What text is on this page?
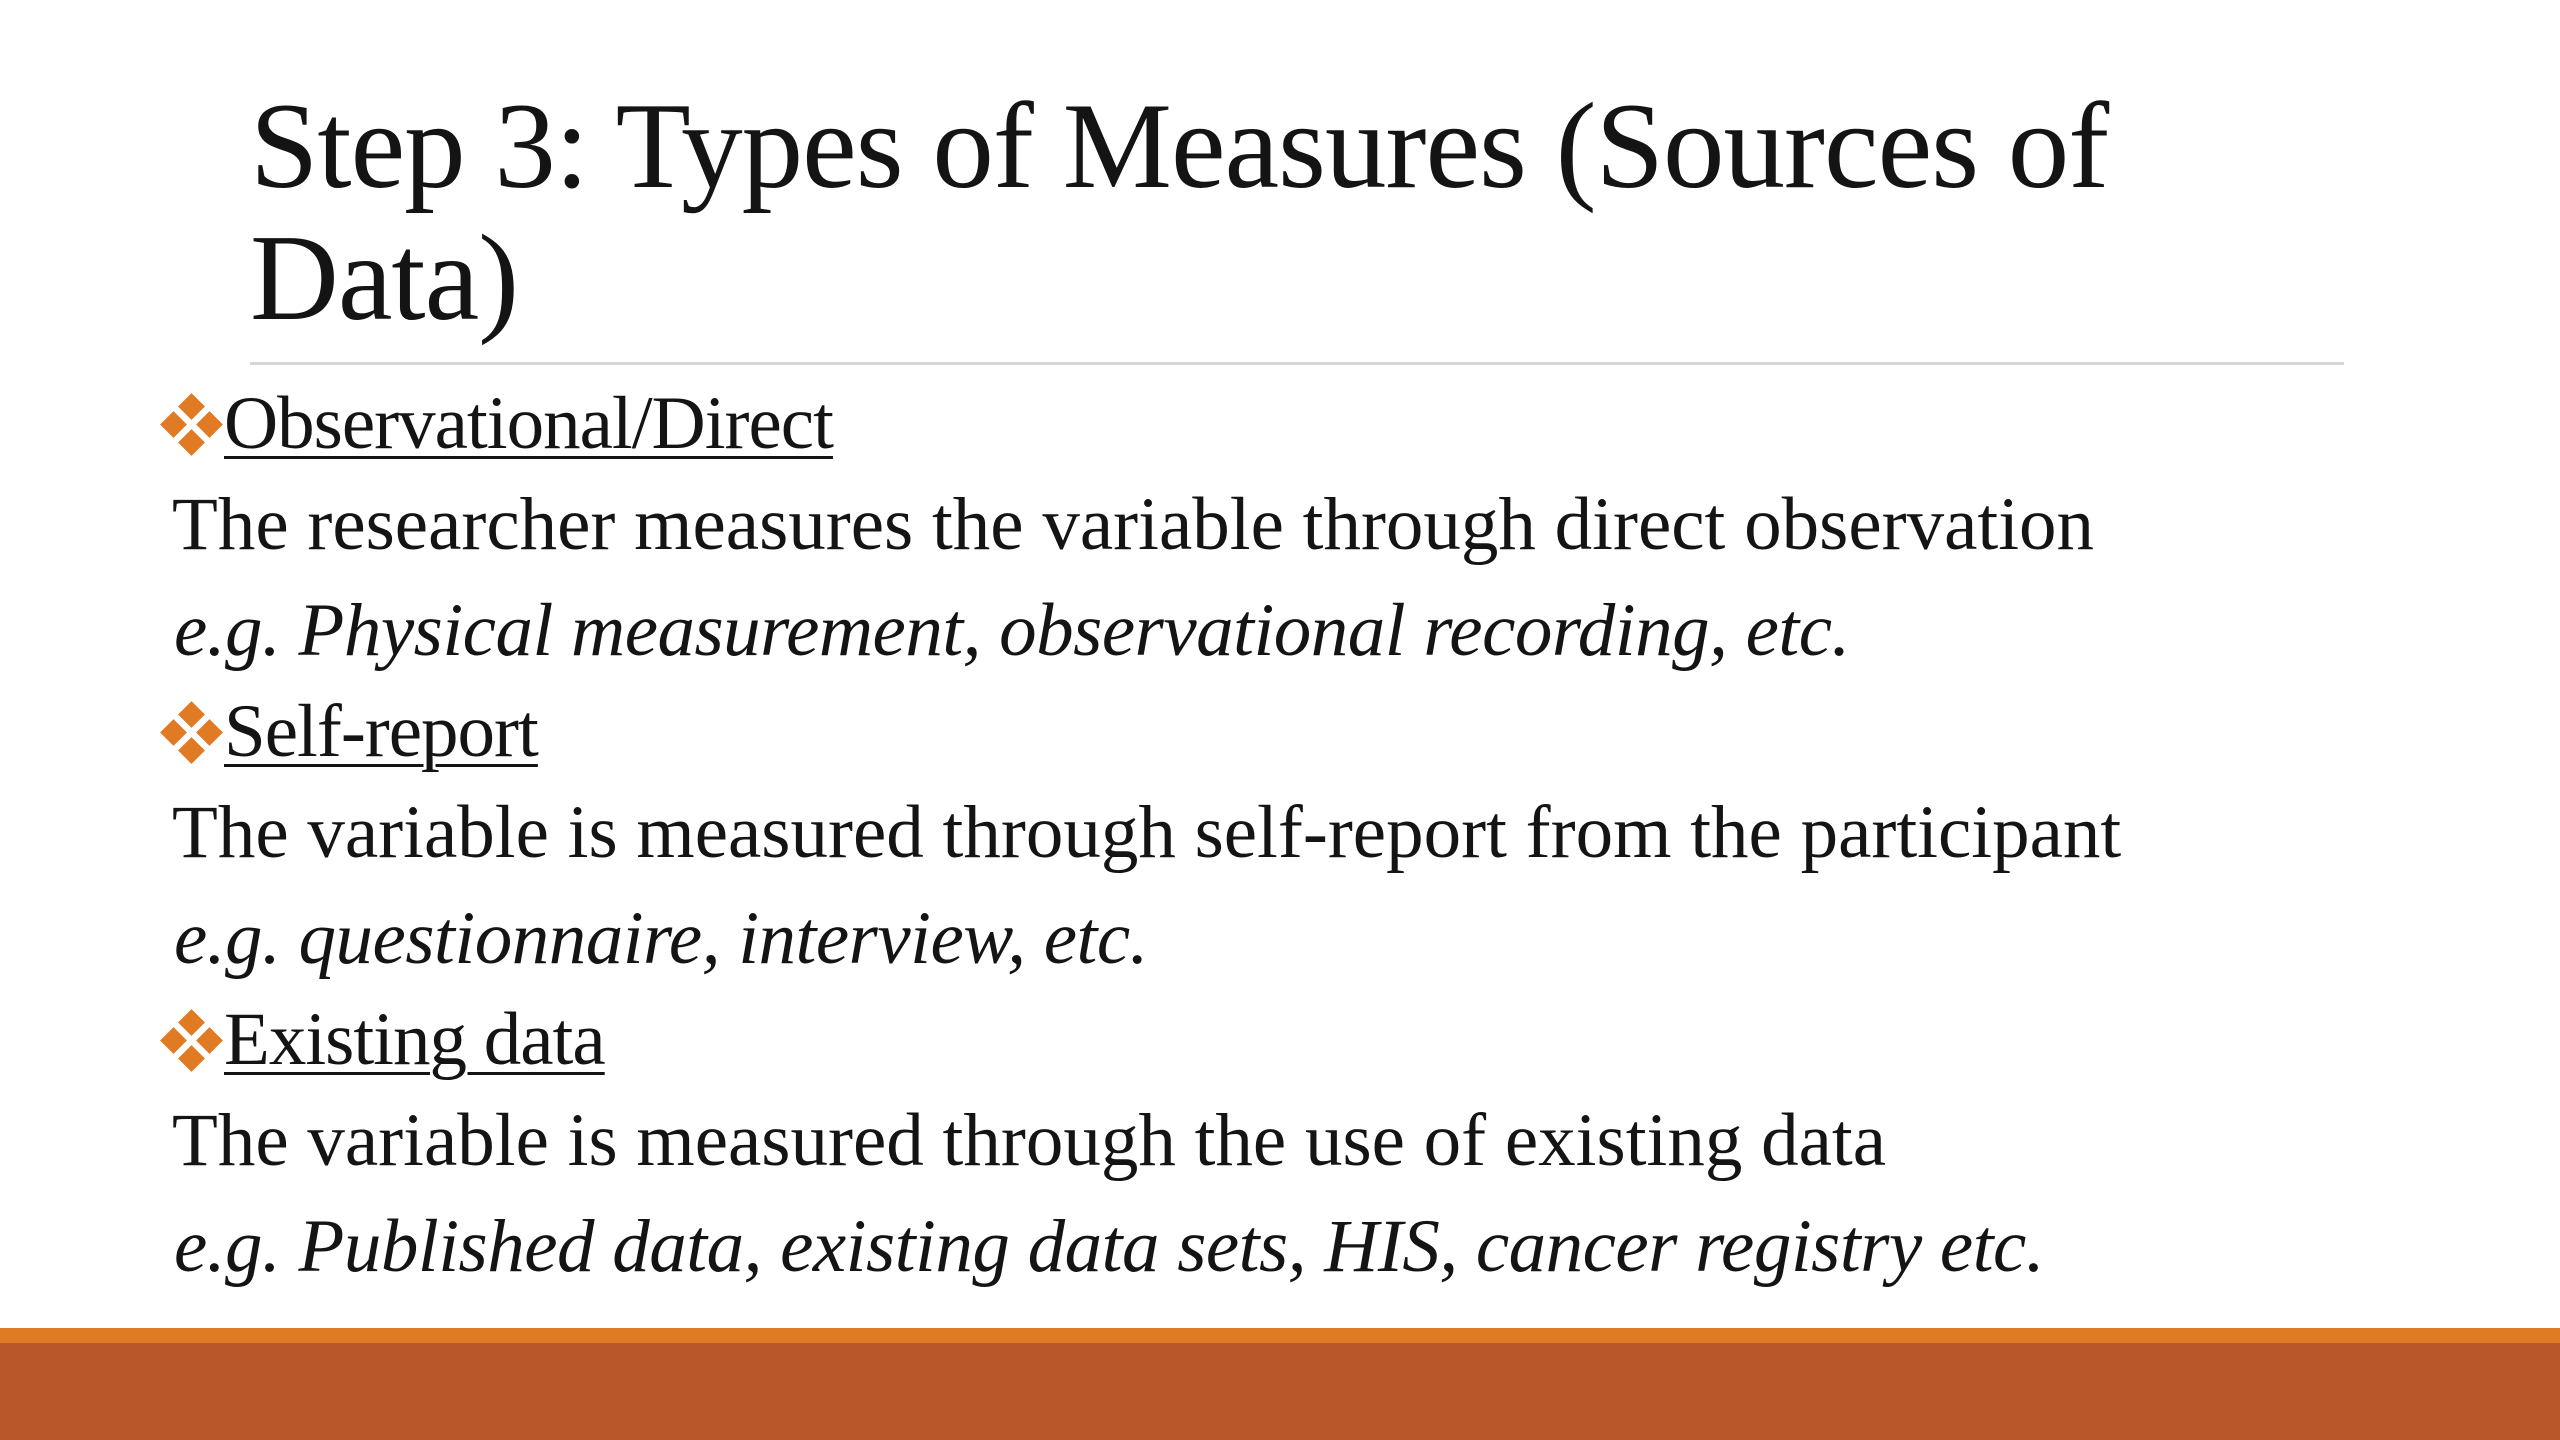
Step 3: Types of Measures (Sources of Data)
Observational/Direct
The researcher measures the variable through direct observation
e.g. Physical measurement, observational recording, etc.
Self-report
The variable is measured through self-report from the participant
e.g. questionnaire, interview, etc.
Existing data
The variable is measured through the use of existing data
e.g. Published data, existing data sets, HIS, cancer registry etc.
